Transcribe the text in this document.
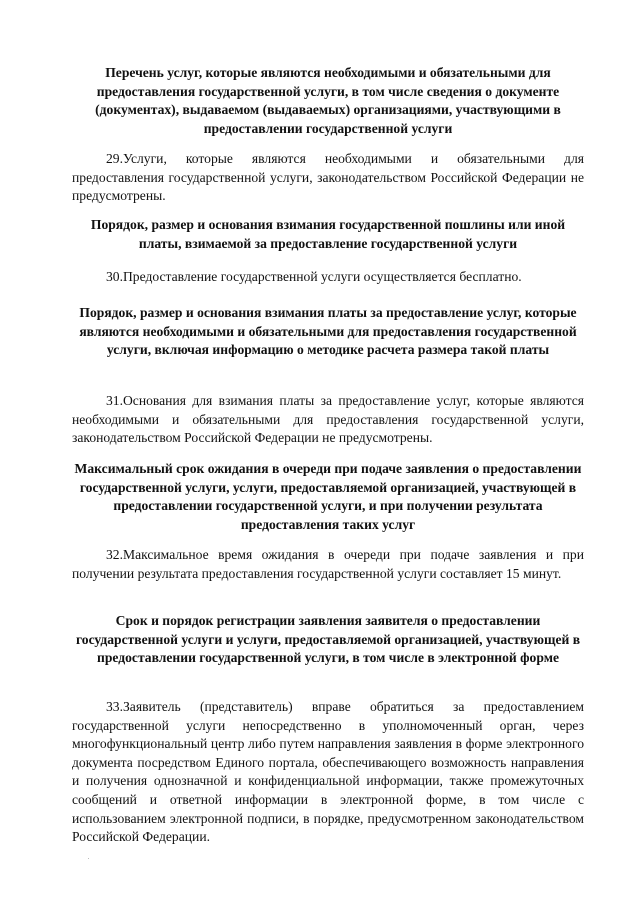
Перечень услуг, которые являются необходимыми и обязательными для предоставления государственной услуги, в том числе сведения о документе (документах), выдаваемом (выдаваемых) организациями, участвующими в предоставлении государственной услуги

29.Услуги, которые являются необходимыми и обязательными для предоставления государственной услуги, законодательством Российской Федерации не предусмотрены.

Порядок, размер и основания взимания государственной пошлины или иной платы, взимаемой за предоставление государственной услуги

30.Предоставление государственной услуги осуществляется бесплатно.

Порядок, размер и основания взимания платы за предоставление услуг, которые являются необходимыми и обязательными для предоставления государственной услуги, включая информацию о методике расчета размера такой платы

31.Основания для взимания платы за предоставление услуг, которые являются необходимыми и обязательными для предоставления государственной услуги, законодательством Российской Федерации не предусмотрены.

Максимальный срок ожидания в очереди при подаче заявления о предоставлении государственной услуги, услуги, предоставляемой организацией, участвующей в предоставлении государственной услуги, и при получении результата предоставления таких услуг

32.Максимальное время ожидания в очереди при подаче заявления и при получении результата предоставления государственной услуги составляет 15 минут.

Срок и порядок регистрации заявления заявителя о предоставлении государственной услуги и услуги, предоставляемой организацией, участвующей в предоставлении государственной услуги, в том числе в электронной форме

33.Заявитель (представитель) вправе обратиться за предоставлением государственной услуги непосредственно в уполномоченный орган, через многофункциональный центр либо путем направления заявления в форме электронного документа посредством Единого портала, обеспечивающего возможность направления и получения однозначной и конфиденциальной информации, также промежуточных сообщений и ответной информации в электронной форме, в том числе с использованием электронной подписи, в порядке, предусмотренном законодательством Российской Федерации.
